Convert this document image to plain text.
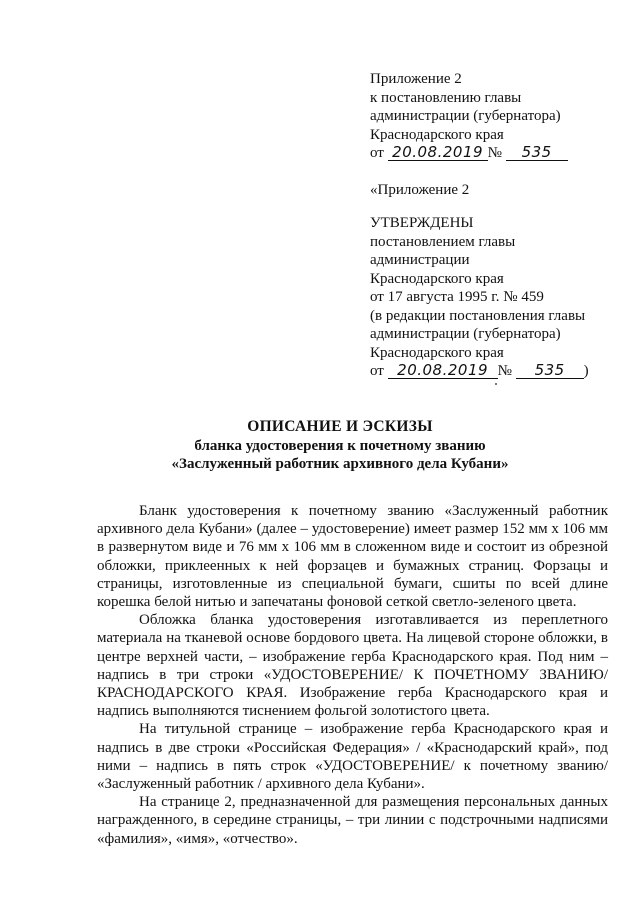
Приложение 2
к постановлению главы
администрации (губернатора)
Краснодарского края
от 20.08.2019 № 535
«Приложение 2
УТВЕРЖДЕНЫ
постановлением главы
администрации
Краснодарского края
от 17 августа 1995 г. № 459
(в редакции постановления главы
администрации (губернатора)
Краснодарского края
от 20.08.2019 № 535 )
ОПИСАНИЕ И ЭСКИЗЫ
бланка удостоверения к почетному званию
«Заслуженный работник архивного дела Кубани»

Бланк удостоверения к почетному званию «Заслуженный работник архивного дела Кубани» (далее – удостоверение) имеет размер 152 мм х 106 мм в развернутом виде и 76 мм х 106 мм в сложенном виде и состоит из обрезной обложки, приклеенных к ней форзацев и бумажных страниц. Форзацы и страницы, изготовленные из специальной бумаги, сшиты по всей длине корешка белой нитью и запечатаны фоновой сеткой светло-зеленого цвета.

Обложка бланка удостоверения изготавливается из переплетного материала на тканевой основе бордового цвета. На лицевой стороне обложки, в центре верхней части, – изображение герба Краснодарского края. Под ним – надпись в три строки «УДОСТОВЕРЕНИЕ/ К ПОЧЕТНОМУ ЗВАНИЮ/ КРАСНОДАРСКОГО КРАЯ. Изображение герба Краснодарского края и надпись выполняются тиснением фольгой золотистого цвета.

На титульной странице – изображение герба Краснодарского края и надпись в две строки «Российская Федерация» / «Краснодарский край», под ними – надпись в пять строк «УДОСТОВЕРЕНИЕ/ к почетному званию/ «Заслуженный работник / архивного дела Кубани».

На странице 2, предназначенной для размещения персональных данных награжденного, в середине страницы, – три линии с подстрочными надписями «фамилия», «имя», «отчество».
